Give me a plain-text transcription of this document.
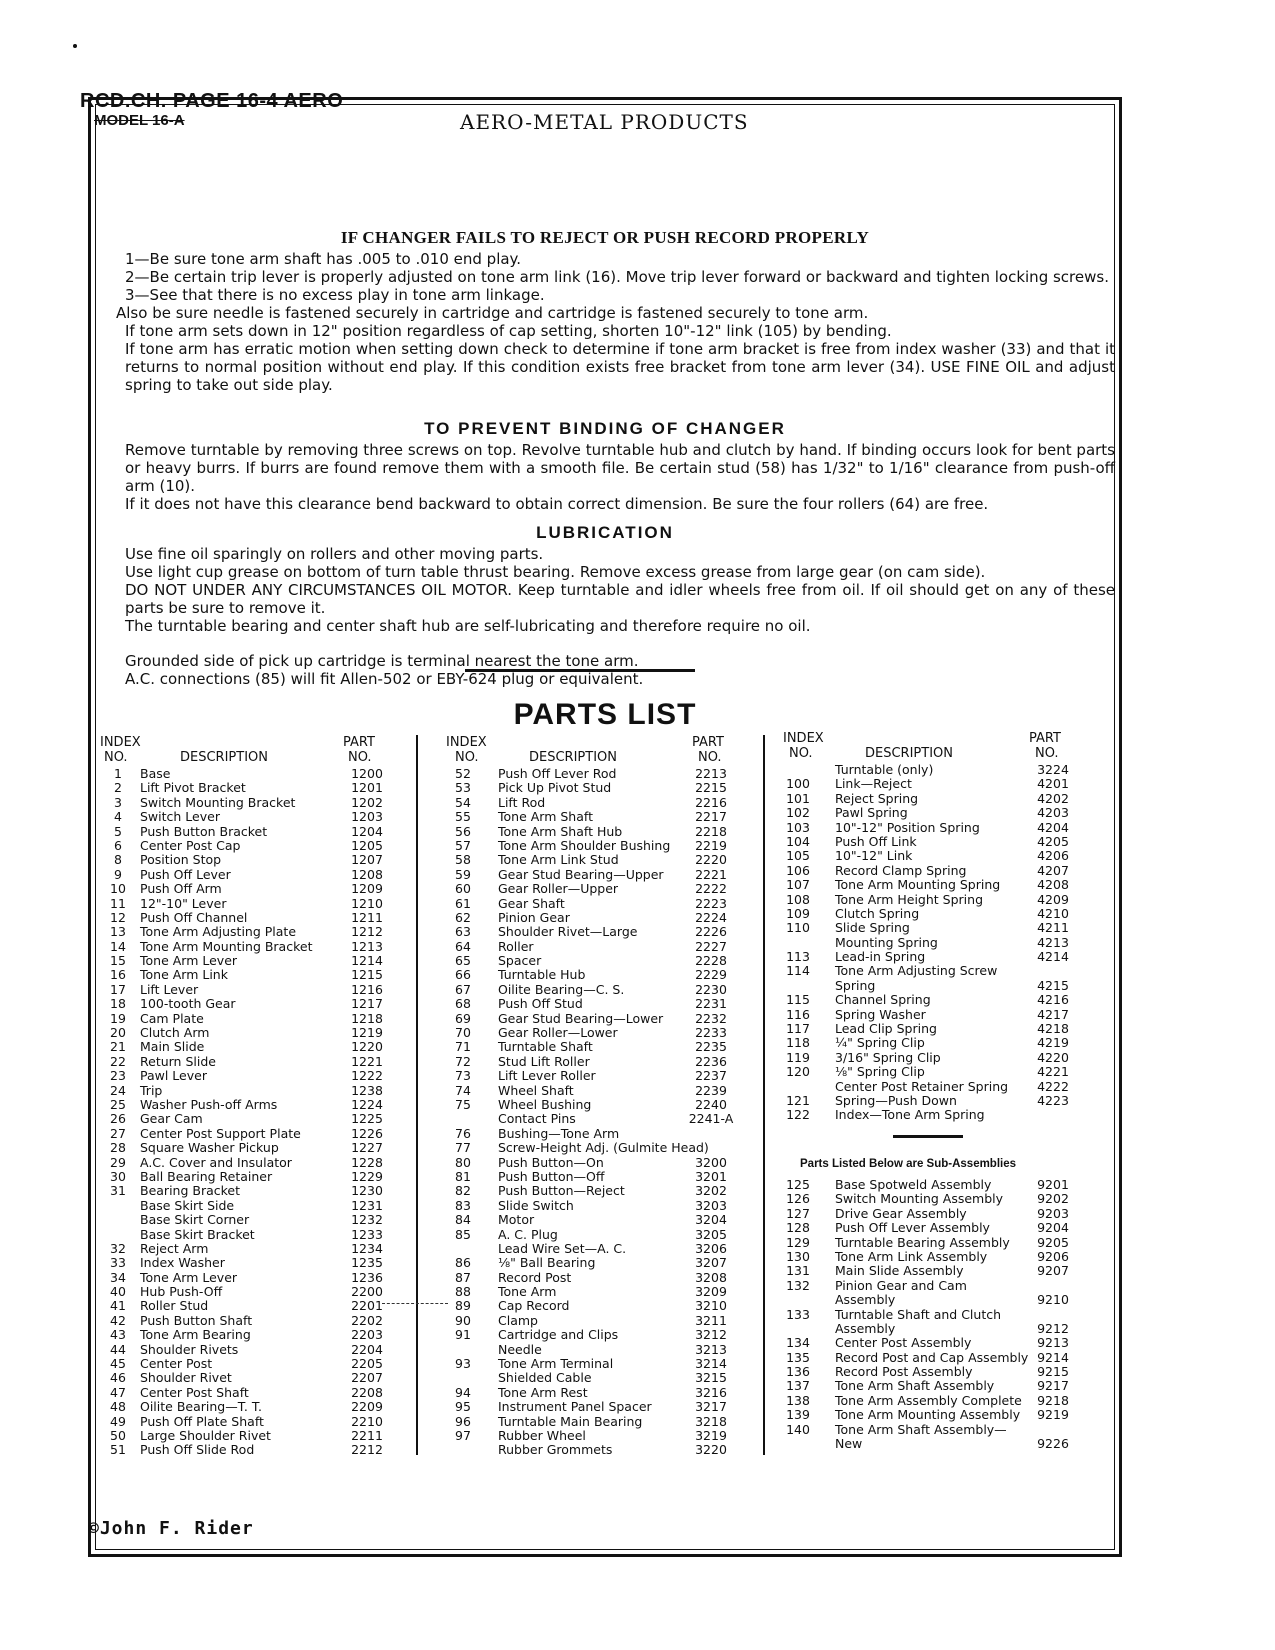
RCD.CH. PAGE 16-4 AERO
MODEL 16-A	AERO-METAL PRODUCTS
IF CHANGER FAILS TO REJECT OR PUSH RECORD PROPERLY

1—Be sure tone arm shaft has .005 to .010 end play.

2—Be certain trip lever is properly adjusted on tone arm link (16). Move trip lever forward or backward and tighten locking screws.

3—See that there is no excess play in tone arm linkage.

Also be sure needle is fastened securely in cartridge and cartridge is fastened securely to tone arm.

If tone arm sets down in 12" position regardless of cap setting, shorten 10"-12" link (105) by bending.

If tone arm has erratic motion when setting down check to determine if tone arm bracket is free from index washer (33) and that it returns to normal position without end play. If this condition exists free bracket from tone arm lever (34). USE FINE OIL and adjust spring to take out side play.

TO PREVENT BINDING OF CHANGER

Remove turntable by removing three screws on top. Revolve turntable hub and clutch by hand. If binding occurs look for bent parts or heavy burrs. If burrs are found remove them with a smooth file. Be certain stud (58) has 1/32" to 1/16" clearance from push-off arm (10).

If it does not have this clearance bend backward to obtain correct dimension. Be sure the four rollers (64) are free.

LUBRICATION

Use fine oil sparingly on rollers and other moving parts.

Use light cup grease on bottom of turn table thrust bearing. Remove excess grease from large gear (on cam side).

DO NOT UNDER ANY CIRCUMSTANCES OIL MOTOR. Keep turntable and idler wheels free from oil. If oil should get on any of these parts be sure to remove it.

The turntable bearing and center shaft hub are self-lubricating and therefore require no oil.

Grounded side of pick up cartridge is terminal nearest the tone arm.

A.C. connections (85) will fit Allen-502 or EBY-624 plug or equivalent.

PARTS LIST
INDEX
NO.	DESCRIPTION
PART
NO.
1	Base	1200
2	Lift Pivot Bracket	1201
3	Switch Mounting Bracket	1202
4	Switch Lever	1203
5	Push Button Bracket	1204
6	Center Post Cap	1205
8	Position Stop	1207
9	Push Off Lever	1208
10	Push Off Arm	1209
11	12"-10" Lever	1210
12	Push Off Channel	1211
13	Tone Arm Adjusting Plate	1212
14	Tone Arm Mounting Bracket	1213
15	Tone Arm Lever	1214
16	Tone Arm Link	1215
17	Lift Lever	1216
18	100-tooth Gear	1217
19	Cam Plate	1218
20	Clutch Arm	1219
21	Main Slide	1220
22	Return Slide	1221
23	Pawl Lever	1222
24	Trip	1238
25	Washer Push-off Arms	1224
26	Gear Cam	1225
27	Center Post Support Plate	1226
28	Square Washer Pickup	1227
29	A.C. Cover and Insulator	1228
30	Ball Bearing Retainer	1229
31	Bearing Bracket	1230
Base Skirt Side	1231
Base Skirt Corner	1232
Base Skirt Bracket	1233
32	Reject Arm	1234
33	Index Washer	1235
34	Tone Arm Lever	1236
40	Hub Push-Off	2200
41	Roller Stud	2201
42	Push Button Shaft	2202
43	Tone Arm Bearing	2203
44	Shoulder Rivets	2204
45	Center Post	2205
46	Shoulder Rivet	2207
47	Center Post Shaft	2208
48	Oilite Bearing—T. T.	2209
49	Push Off Plate Shaft	2210
50	Large Shoulder Rivet	2211
51	Push Off Slide Rod	2212
INDEX
NO.	DESCRIPTION
PART
NO.
52	Push Off Lever Rod	2213
53	Pick Up Pivot Stud	2215
54	Lift Rod	2216
55	Tone Arm Shaft	2217
56	Tone Arm Shaft Hub	2218
57	Tone Arm Shoulder Bushing	2219
58	Tone Arm Link Stud	2220
59	Gear Stud Bearing—Upper	2221
60	Gear Roller—Upper	2222
61	Gear Shaft	2223
62	Pinion Gear	2224
63	Shoulder Rivet—Large	2226
64	Roller	2227
65	Spacer	2228
66	Turntable Hub	2229
67	Oilite Bearing—C. S.	2230
68	Push Off Stud	2231
69	Gear Stud Bearing—Lower	2232
70	Gear Roller—Lower	2233
71	Turntable Shaft	2235
72	Stud Lift Roller	2236
73	Lift Lever Roller	2237
74	Wheel Shaft	2239
75	Wheel Bushing	2240
Contact Pins	2241-A
76	Bushing—Tone Arm
77	Screw-Height Adj. (Gulmite Head)
80	Push Button—On	3200
81	Push Button—Off	3201
82	Push Button—Reject	3202
83	Slide Switch	3203
84	Motor	3204
85	A. C. Plug	3205
Lead Wire Set—A. C.	3206
86	⅛" Ball Bearing	3207
87	Record Post	3208
88	Tone Arm	3209
89	Cap Record	3210
90	Clamp	3211
91	Cartridge and Clips	3212
Needle	3213
93	Tone Arm Terminal	3214
Shielded Cable	3215
94	Tone Arm Rest	3216
95	Instrument Panel Spacer	3217
96	Turntable Main Bearing	3218
97	Rubber Wheel	3219
Rubber Grommets	3220
INDEX
NO.	DESCRIPTION
PART
NO.
Turntable (only)	3224
100 Link—Reject	4201
101 Reject Spring	4202
102 Pawl Spring	4203
103 10"-12" Position Spring	4204
104 Push Off Link	4205
105 10"-12" Link	4206
106 Record Clamp Spring	4207
107 Tone Arm Mounting Spring	4208
108 Tone Arm Height Spring	4209
109 Clutch Spring	4210
110 Slide Spring	4211
Mounting Spring	4213
113 Lead-in Spring	4214
114 Tone Arm Adjusting Screw
Spring	4215
115 Channel Spring	4216
116 Spring Washer	4217
117 Lead Clip Spring	4218
118 ¼" Spring Clip	4219
119 3/16" Spring Clip	4220
120 ⅛" Spring Clip	4221
Center Post Retainer Spring	4222
121 Spring—Push Down	4223
122 Index—Tone Arm Spring
Parts Listed Below are Sub-Assemblies
125 Base Spotweld Assembly	9201
126 Switch Mounting Assembly	9202
127 Drive Gear Assembly	9203
128 Push Off Lever Assembly	9204
129 Turntable Bearing Assembly	9205
130 Tone Arm Link Assembly	9206
131 Main Slide Assembly	9207
132 Pinion Gear and Cam
Assembly	9210
133 Turntable Shaft and Clutch
Assembly	9212
134 Center Post Assembly	9213
135 Record Post and Cap Assembly 9214
136 Record Post Assembly	9215
137 Tone Arm Shaft Assembly	9217
138 Tone Arm Assembly Complete	9218
139 Tone Arm Mounting Assembly	9219
140 Tone Arm Shaft Assembly—
New	9226
©John F. Rider
